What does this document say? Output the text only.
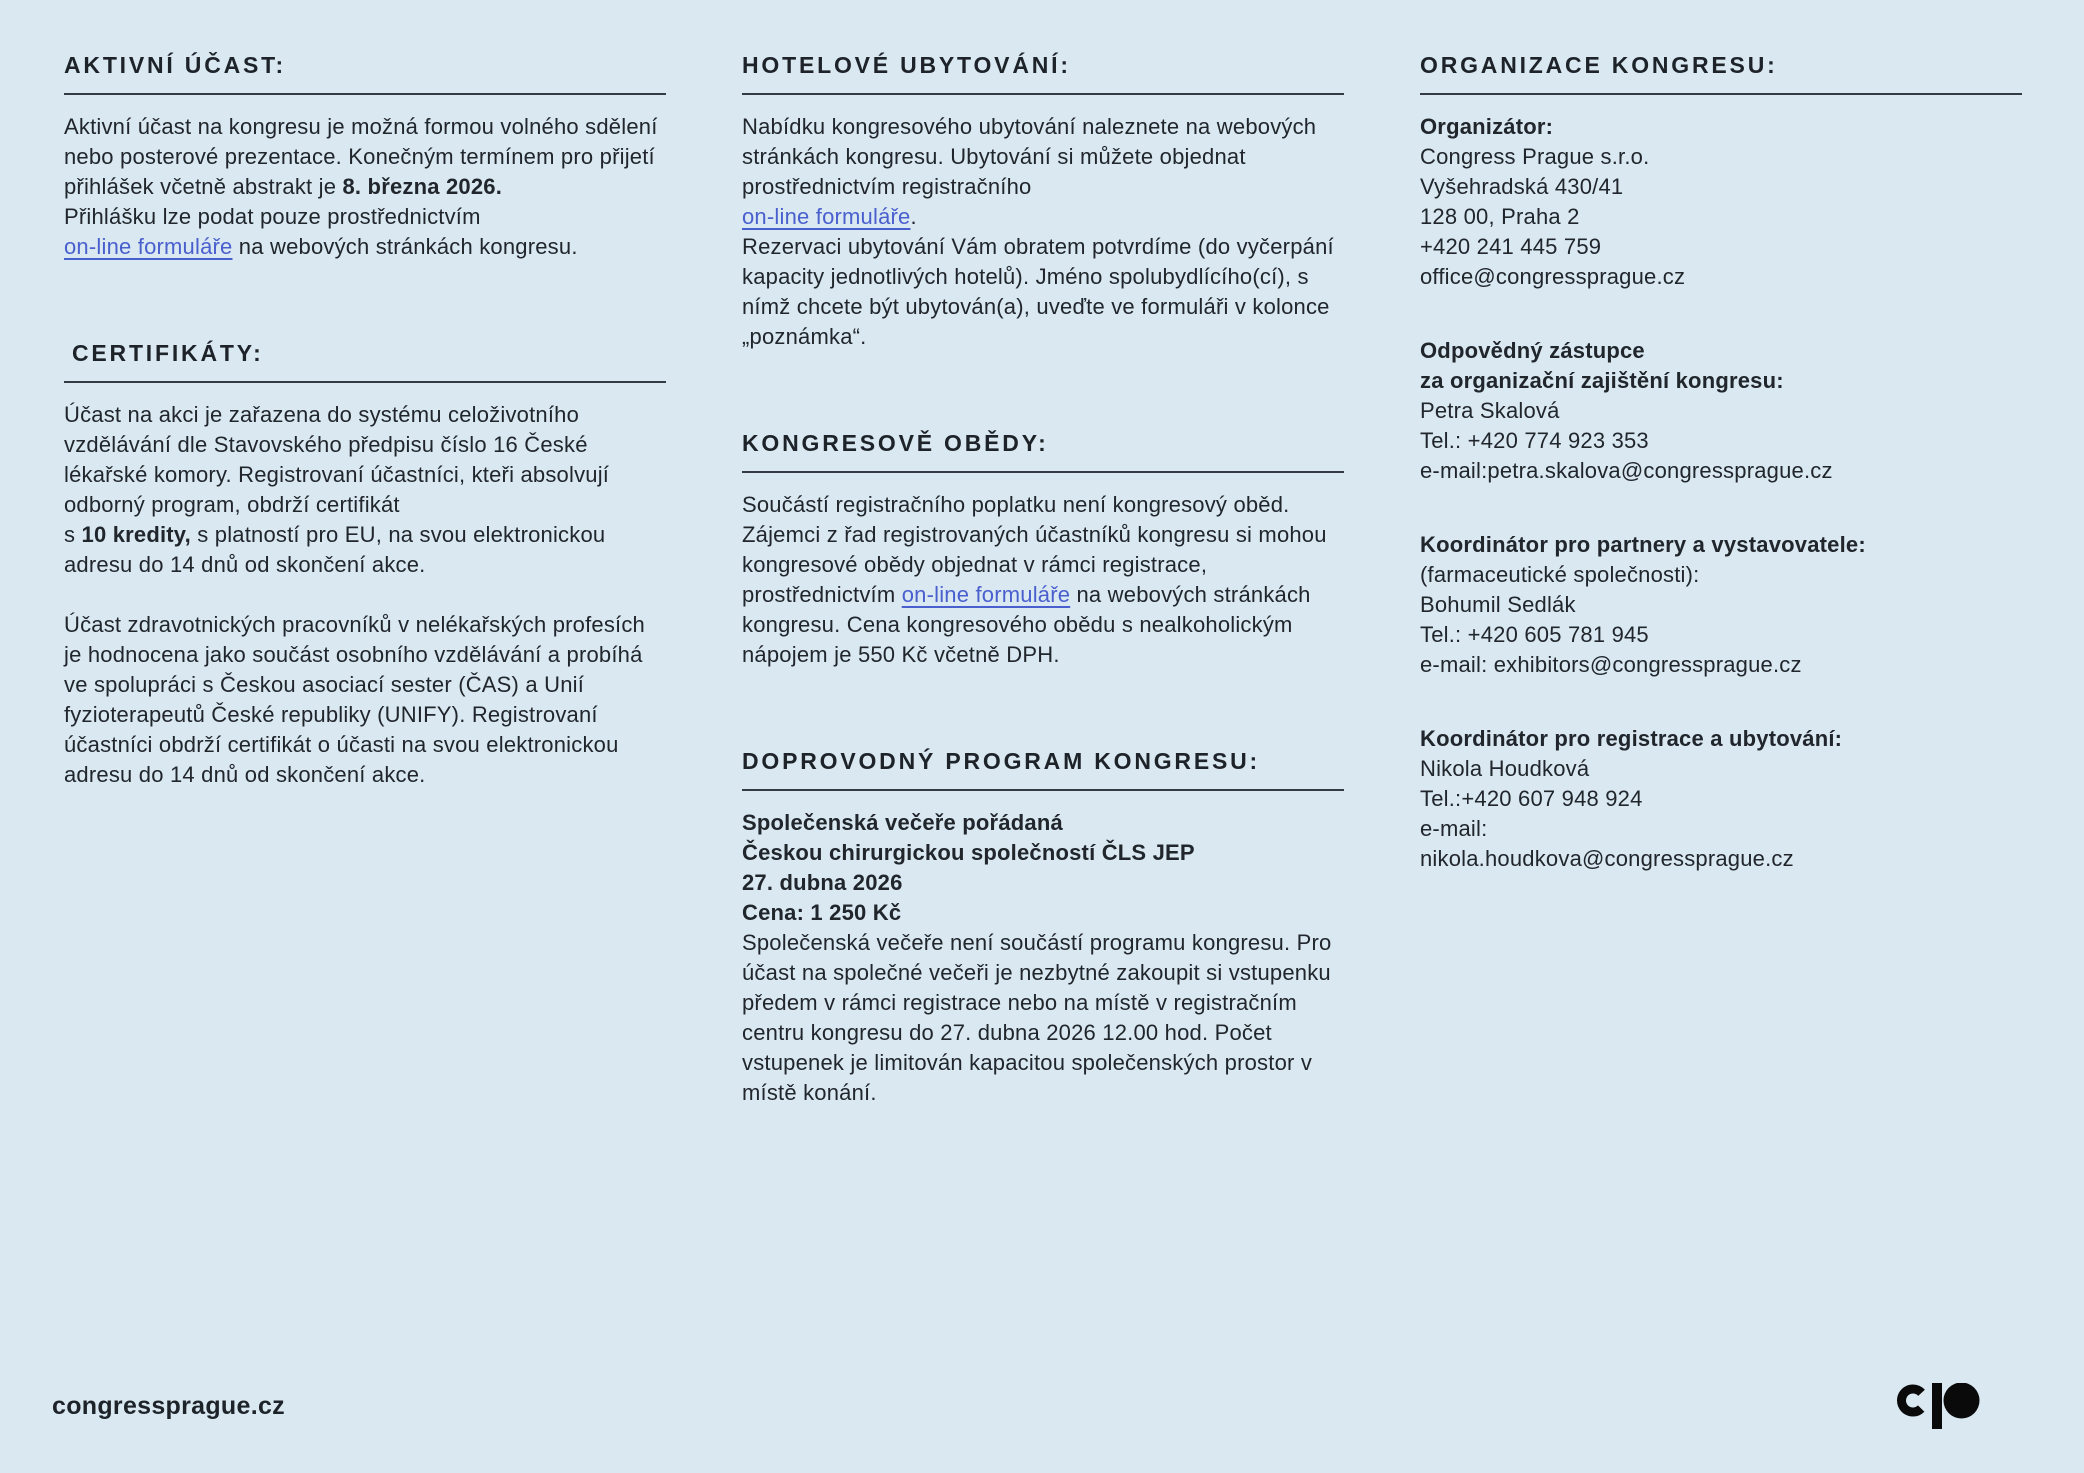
AKTIVNÍ ÚČAST:

Aktivní účast na kongresu je možná formou volného sdělení nebo posterové prezentace. Konečným termínem pro přijetí přihlášek včetně abstrakt je 8. března 2026.
Přihlášku lze podat pouze prostřednictvím
on-line formuláře na webových stránkách kongresu.

CERTIFIKÁTY:

Účast na akci je zařazena do systému celoživotního vzdělávání dle Stavovského předpisu číslo 16 České lékařské komory. Registrovaní účastníci, kteři absolvují odborný program, obdrží certifikát
s 10 kredity, s platností pro EU, na svou elektronickou adresu do 14 dnů od skončení akce.

Účast zdravotnických pracovníků v nelékařských profesích je hodnocena jako součást osobního vzdělávání a probíhá ve spolupráci s Českou asociací sester (ČAS) a Unií fyzioterapeutů České republiky (UNIFY). Registrovaní účastníci obdrží certifikát o účasti na svou elektronickou adresu do 14 dnů od skončení akce.

HOTELOVÉ UBYTOVÁNÍ:

Nabídku kongresového ubytování naleznete na webových stránkách kongresu. Ubytování si můžete objednat prostřednictvím registračního
on-line formuláře.
Rezervaci ubytování Vám obratem potvrdíme (do vyčerpání kapacity jednotlivých hotelů). Jméno spolubydlícího(cí), s nímž chcete být ubytován(a), uveďte ve formuláři v kolonce „poznámka“.

KONGRESOVĚ OBĚDY:

Součástí registračního poplatku není kongresový oběd. Zájemci z řad registrovaných účastníků kongresu si mohou kongresové obědy objednat v rámci registrace, prostřednictvím on-line formuláře na webových stránkách kongresu. Cena kongresového obědu s nealkoholickým nápojem je 550 Kč včetně DPH.

DOPROVODNÝ PROGRAM KONGRESU:

Společenská večeře pořádaná
Českou chirurgickou společností ČLS JEP
27. dubna 2026
Cena: 1 250 Kč
Společenská večeře není součástí programu kongresu. Pro účast na společné večeři je nezbytné zakoupit si vstupenku předem v rámci registrace nebo na místě v registračním centru kongresu do 27. dubna 2026 12.00 hod. Počet vstupenek je limitován kapacitou společenských prostor v místě konání.

ORGANIZACE KONGRESU:
Organizátor:
Congress Prague s.r.o.
Vyšehradská 430/41
128 00, Praha 2
+420 241 445 759
office@congressprague.cz
Odpovědný zástupce
za organizační zajištění kongresu:
Petra Skalová
Tel.: +420 774 923 353
e-mail:petra.skalova@congressprague.cz
Koordinátor pro partnery a vystavovatele:
(farmaceutické společnosti):
Bohumil Sedlák
Tel.: +420 605 781 945
e-mail: exhibitors@congressprague.cz
Koordinátor pro registrace a ubytování:
Nikola Houdková
Tel.:+420 607 948 924
e-mail:
nikola.houdkova@congressprague.cz
congressprague.cz
